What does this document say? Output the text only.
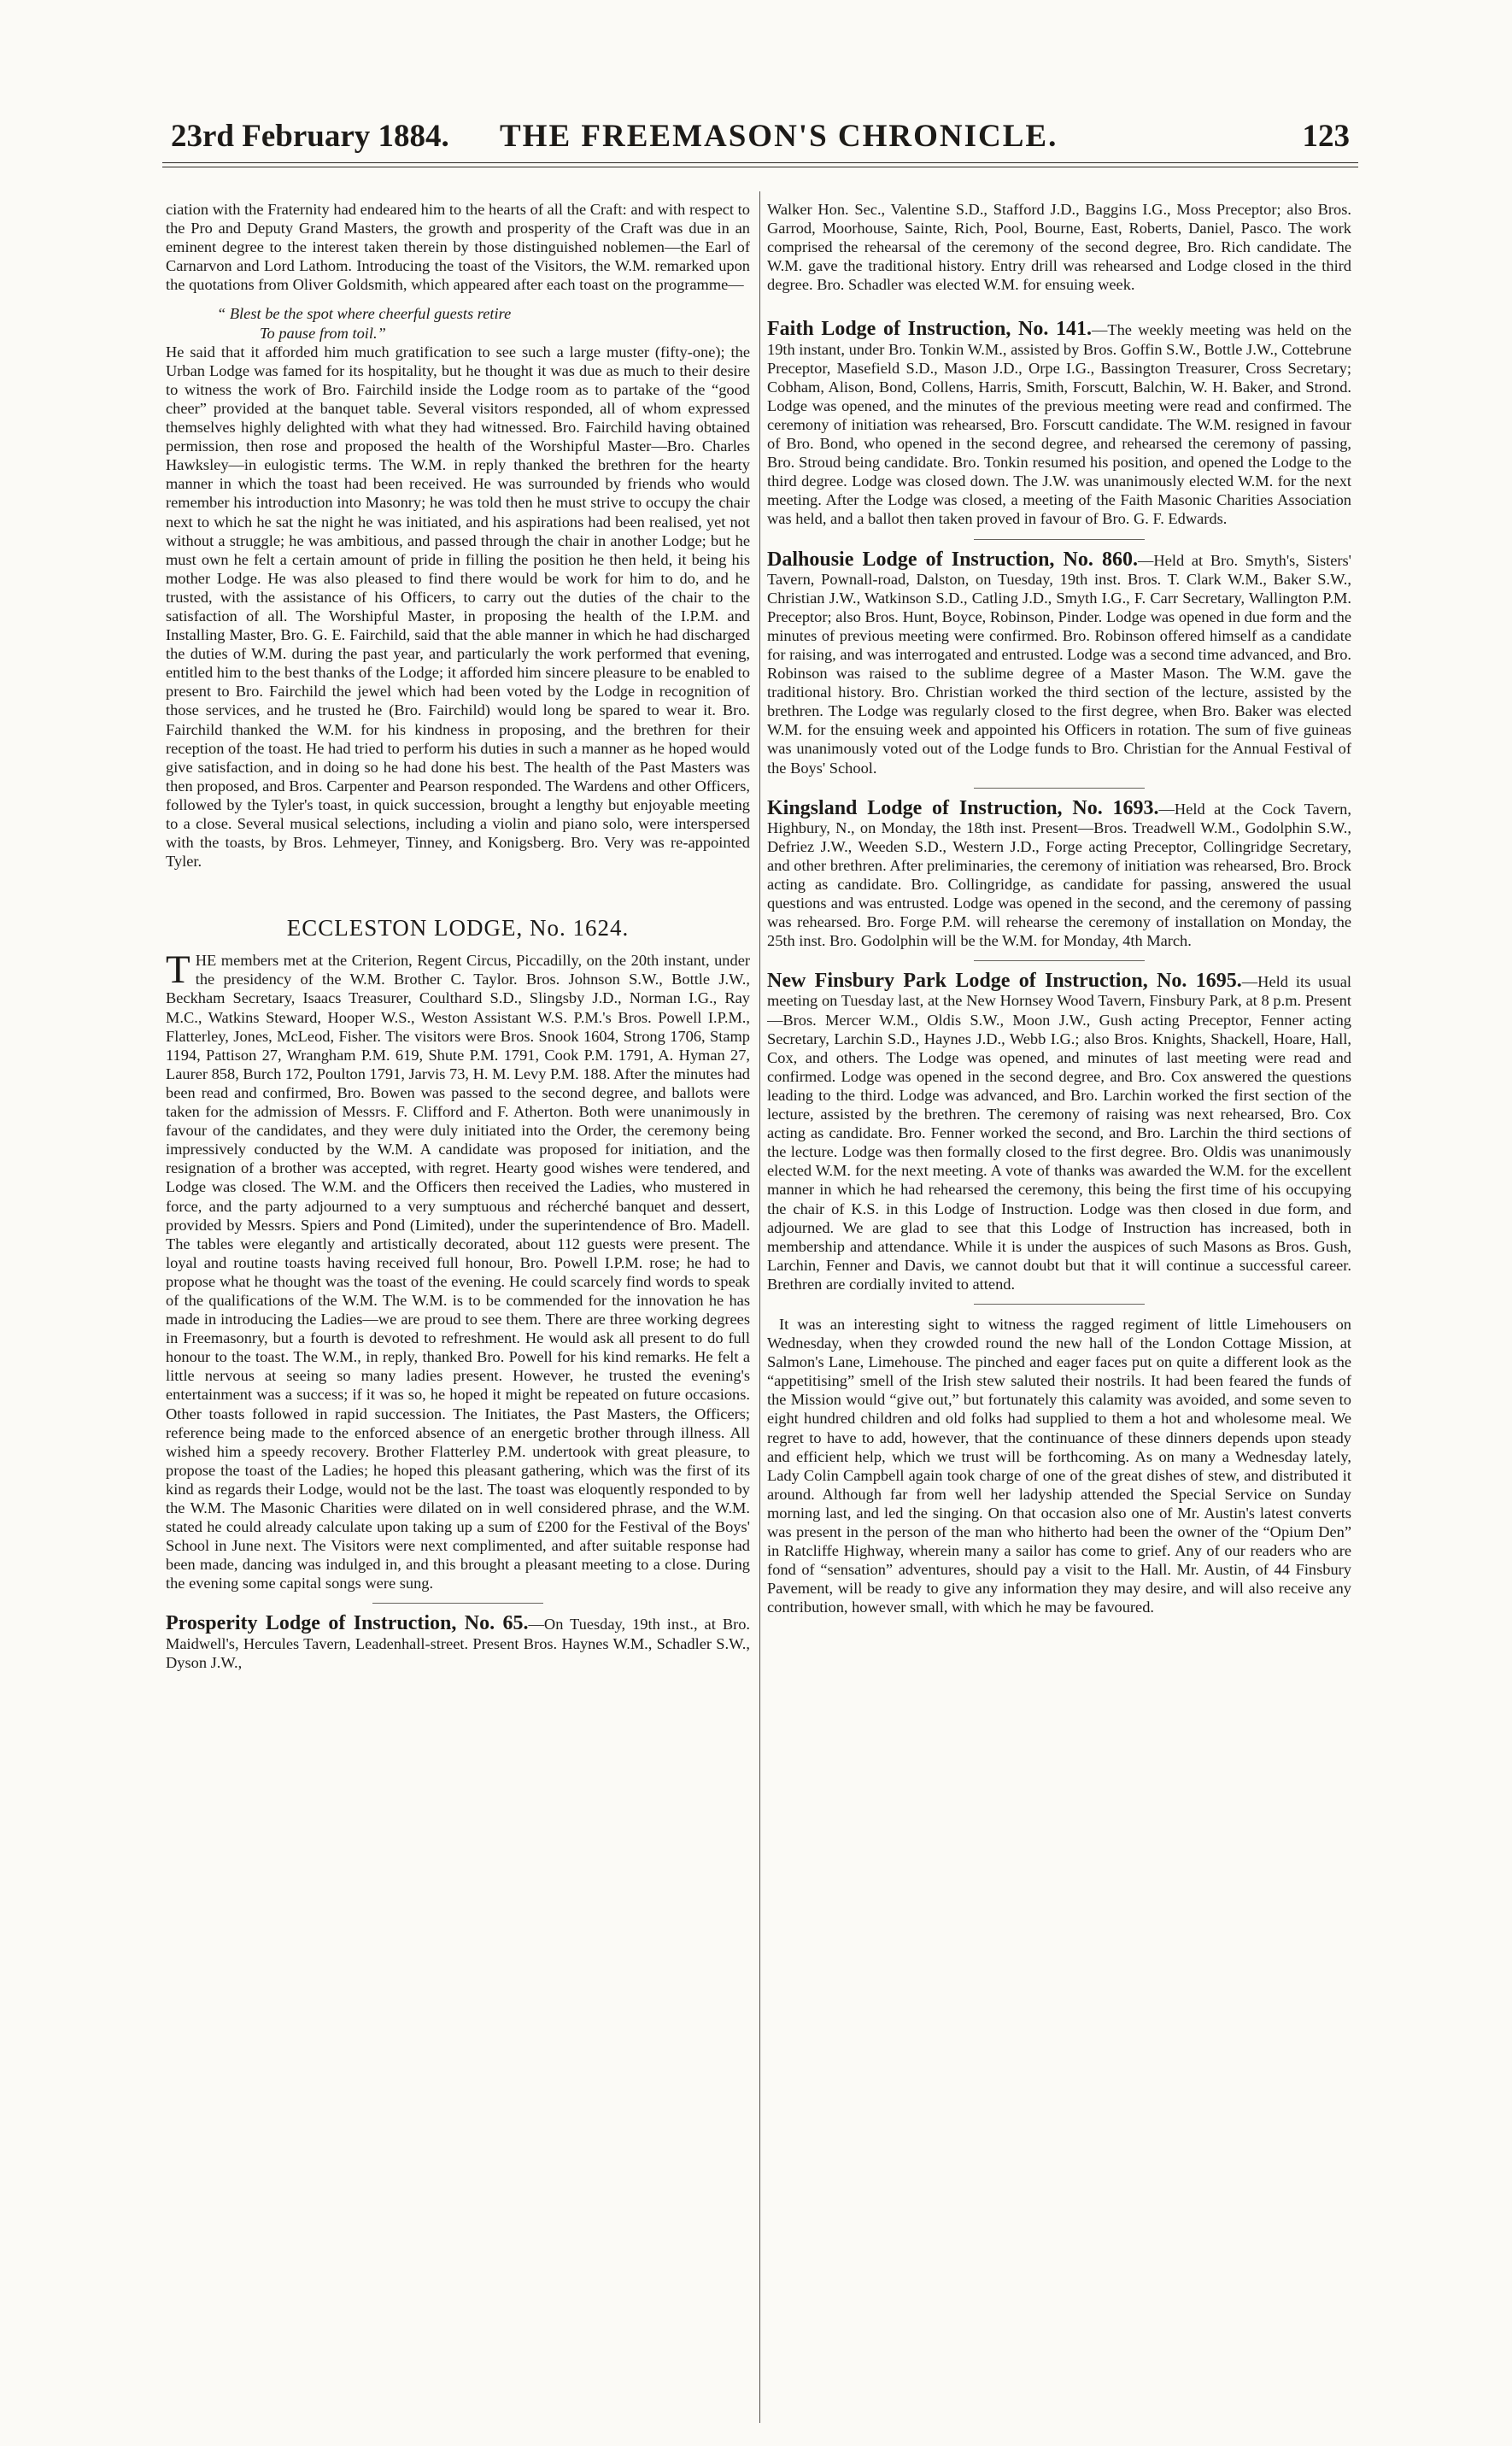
23rd February 1884. THE FREEMASON'S CHRONICLE.	123

ciation with the Fraternity had endeared him to the hearts of all the Craft: and with respect to the Pro and Deputy Grand Masters, the growth and prosperity of the Craft was due in an eminent degree to the interest taken therein by those distinguished noblemen—the Earl of Carnarvon and Lord Lathom. Introducing the toast of the Visitors, the W.M. remarked upon the quotations from Oliver Goldsmith, which appeared after each toast on the programme—

“ Blest be the spot where cheerful guests retire
To pause from toil.”

He said that it afforded him much gratification to see such a large muster (fifty-one); the Urban Lodge was famed for its hospitality, but he thought it was due as much to their desire to witness the work of Bro. Fairchild inside the Lodge room as to partake of the “good cheer” provided at the banquet table. Several visitors responded, all of whom expressed themselves highly delighted with what they had witnessed. Bro. Fairchild having obtained permission, then rose and proposed the health of the Worshipful Master—Bro. Charles Hawksley—in eulogistic terms. The W.M. in reply thanked the brethren for the hearty manner in which the toast had been received. He was surrounded by friends who would remember his introduction into Masonry; he was told then he must strive to occupy the chair next to which he sat the night he was initiated, and his aspirations had been realised, yet not without a struggle; he was ambitious, and passed through the chair in another Lodge; but he must own he felt a certain amount of pride in filling the position he then held, it being his mother Lodge. He was also pleased to find there would be work for him to do, and he trusted, with the assistance of his Officers, to carry out the duties of the chair to the satisfaction of all. The Worshipful Master, in proposing the health of the I.P.M. and Installing Master, Bro. G. E. Fairchild, said that the able manner in which he had discharged the duties of W.M. during the past year, and particularly the work performed that evening, entitled him to the best thanks of the Lodge; it afforded him sincere pleasure to be enabled to present to Bro. Fairchild the jewel which had been voted by the Lodge in recognition of those services, and he trusted he (Bro. Fairchild) would long be spared to wear it. Bro. Fairchild thanked the W.M. for his kindness in proposing, and the brethren for their reception of the toast. He had tried to perform his duties in such a manner as he hoped would give satisfaction, and in doing so he had done his best. The health of the Past Masters was then proposed, and Bros. Carpenter and Pearson responded. The Wardens and other Officers, followed by the Tyler's toast, in quick succession, brought a lengthy but enjoyable meeting to a close. Several musical selections, including a violin and piano solo, were interspersed with the toasts, by Bros. Lehmeyer, Tinney, and Konigsberg. Bro. Very was re-appointed Tyler.

ECCLESTON LODGE, No. 1624.

THE members met at the Criterion, Regent Circus, Piccadilly, on the 20th instant, under the presidency of the W.M. Brother C. Taylor. Bros. Johnson S.W., Bottle J.W., Beckham Secretary, Isaacs Treasurer, Coulthard S.D., Slingsby J.D., Norman I.G., Ray M.C., Watkins Steward, Hooper W.S., Weston Assistant W.S. P.M.'s Bros. Powell I.P.M., Flatterley, Jones, McLeod, Fisher. The visitors were Bros. Snook 1604, Strong 1706, Stamp 1194, Pattison 27, Wrangham P.M. 619, Shute P.M. 1791, Cook P.M. 1791, A. Hyman 27, Laurer 858, Burch 172, Poulton 1791, Jarvis 73, H. M. Levy P.M. 188. After the minutes had been read and confirmed, Bro. Bowen was passed to the second degree, and ballots were taken for the admission of Messrs. F. Clifford and F. Atherton. Both were unanimously in favour of the candidates, and they were duly initiated into the Order, the ceremony being impressively conducted by the W.M. A candidate was proposed for initiation, and the resignation of a brother was accepted, with regret. Hearty good wishes were tendered, and Lodge was closed. The W.M. and the Officers then received the Ladies, who mustered in force, and the party adjourned to a very sumptuous and récherché banquet and dessert, provided by Messrs. Spiers and Pond (Limited), under the superintendence of Bro. Madell. The tables were elegantly and artistically decorated, about 112 guests were present. The loyal and routine toasts having received full honour, Bro. Powell I.P.M. rose; he had to propose what he thought was the toast of the evening. He could scarcely find words to speak of the qualifications of the W.M. The W.M. is to be commended for the innovation he has made in introducing the Ladies—we are proud to see them. There are three working degrees in Freemasonry, but a fourth is devoted to refreshment. He would ask all present to do full honour to the toast. The W.M., in reply, thanked Bro. Powell for his kind remarks. He felt a little nervous at seeing so many ladies present. However, he trusted the evening's entertainment was a success; if it was so, he hoped it might be repeated on future occasions. Other toasts followed in rapid succession. The Initiates, the Past Masters, the Officers; reference being made to the enforced absence of an energetic brother through illness. All wished him a speedy recovery. Brother Flatterley P.M. undertook with great pleasure, to propose the toast of the Ladies; he hoped this pleasant gathering, which was the first of its kind as regards their Lodge, would not be the last. The toast was eloquently responded to by the W.M. The Masonic Charities were dilated on in well considered phrase, and the W.M. stated he could already calculate upon taking up a sum of £200 for the Festival of the Boys' School in June next. The Visitors were next complimented, and after suitable response had been made, dancing was indulged in, and this brought a pleasant meeting to a close. During the evening some capital songs were sung.

Prosperity Lodge of Instruction, No. 65.—On Tuesday, 19th inst., at Bro. Maidwell's, Hercules Tavern, Leadenhall-street. Present Bros. Haynes W.M., Schadler S.W., Dyson J.W.,

Walker Hon. Sec., Valentine S.D., Stafford J.D., Baggins I.G., Moss Preceptor; also Bros. Garrod, Moorhouse, Sainte, Rich, Pool, Bourne, East, Roberts, Daniel, Pasco. The work comprised the rehearsal of the ceremony of the second degree, Bro. Rich candidate. The W.M. gave the traditional history. Entry drill was rehearsed and Lodge closed in the third degree. Bro. Schadler was elected W.M. for ensuing week.

Faith Lodge of Instruction, No. 141.—The weekly meeting was held on the 19th instant, under Bro. Tonkin W.M., assisted by Bros. Goffin S.W., Bottle J.W., Cottebrune Preceptor, Masefield S.D., Mason J.D., Orpe I.G., Bassington Treasurer, Cross Secretary; Cobham, Alison, Bond, Collens, Harris, Smith, Forscutt, Balchin, W. H. Baker, and Strond. Lodge was opened, and the minutes of the previous meeting were read and confirmed. The ceremony of initiation was rehearsed, Bro. Forscutt candidate. The W.M. resigned in favour of Bro. Bond, who opened in the second degree, and rehearsed the ceremony of passing, Bro. Stroud being candidate. Bro. Tonkin resumed his position, and opened the Lodge to the third degree. Lodge was closed down. The J.W. was unanimously elected W.M. for the next meeting. After the Lodge was closed, a meeting of the Faith Masonic Charities Association was held, and a ballot then taken proved in favour of Bro. G. F. Edwards.

Dalhousie Lodge of Instruction, No. 860.—Held at Bro. Smyth's, Sisters' Tavern, Pownall-road, Dalston, on Tuesday, 19th inst. Bros. T. Clark W.M., Baker S.W., Christian J.W., Watkinson S.D., Catling J.D., Smyth I.G., F. Carr Secretary, Wallington P.M. Preceptor; also Bros. Hunt, Boyce, Robinson, Pinder. Lodge was opened in due form and the minutes of previous meeting were confirmed. Bro. Robinson offered himself as a candidate for raising, and was interrogated and entrusted. Lodge was a second time advanced, and Bro. Robinson was raised to the sublime degree of a Master Mason. The W.M. gave the traditional history. Bro. Christian worked the third section of the lecture, assisted by the brethren. The Lodge was regularly closed to the first degree, when Bro. Baker was elected W.M. for the ensuing week and appointed his Officers in rotation. The sum of five guineas was unanimously voted out of the Lodge funds to Bro. Christian for the Annual Festival of the Boys' School.

Kingsland Lodge of Instruction, No. 1693.—Held at the Cock Tavern, Highbury, N., on Monday, the 18th inst. Present—Bros. Treadwell W.M., Godolphin S.W., Defriez J.W., Weeden S.D., Western J.D., Forge acting Preceptor, Collingridge Secretary, and other brethren. After preliminaries, the ceremony of initiation was rehearsed, Bro. Brock acting as candidate. Bro. Collingridge, as candidate for passing, answered the usual questions and was entrusted. Lodge was opened in the second, and the ceremony of passing was rehearsed. Bro. Forge P.M. will rehearse the ceremony of installation on Monday, the 25th inst. Bro. Godolphin will be the W.M. for Monday, 4th March.

New Finsbury Park Lodge of Instruction, No. 1695.—Held its usual meeting on Tuesday last, at the New Hornsey Wood Tavern, Finsbury Park, at 8 p.m. Present—Bros. Mercer W.M., Oldis S.W., Moon J.W., Gush acting Preceptor, Fenner acting Secretary, Larchin S.D., Haynes J.D., Webb I.G.; also Bros. Knights, Shackell, Hoare, Hall, Cox, and others. The Lodge was opened, and minutes of last meeting were read and confirmed. Lodge was opened in the second degree, and Bro. Cox answered the questions leading to the third. Lodge was advanced, and Bro. Larchin worked the first section of the lecture, assisted by the brethren. The ceremony of raising was next rehearsed, Bro. Cox acting as candidate. Bro. Fenner worked the second, and Bro. Larchin the third sections of the lecture. Lodge was then formally closed to the first degree. Bro. Oldis was unanimously elected W.M. for the next meeting. A vote of thanks was awarded the W.M. for the excellent manner in which he had rehearsed the ceremony, this being the first time of his occupying the chair of K.S. in this Lodge of Instruction. Lodge was then closed in due form, and adjourned. We are glad to see that this Lodge of Instruction has increased, both in membership and attendance. While it is under the auspices of such Masons as Bros. Gush, Larchin, Fenner and Davis, we cannot doubt but that it will continue a successful career. Brethren are cordially invited to attend.

It was an interesting sight to witness the ragged regiment of little Limehousers on Wednesday, when they crowded round the new hall of the London Cottage Mission, at Salmon's Lane, Limehouse. The pinched and eager faces put on quite a different look as the “appetitising” smell of the Irish stew saluted their nostrils. It had been feared the funds of the Mission would “give out,” but fortunately this calamity was avoided, and some seven to eight hundred children and old folks had supplied to them a hot and wholesome meal. We regret to have to add, however, that the continuance of these dinners depends upon steady and efficient help, which we trust will be forthcoming. As on many a Wednesday lately, Lady Colin Campbell again took charge of one of the great dishes of stew, and distributed it around. Although far from well her ladyship attended the Special Service on Sunday morning last, and led the singing. On that occasion also one of Mr. Austin's latest converts was present in the person of the man who hitherto had been the owner of the “Opium Den” in Ratcliffe Highway, wherein many a sailor has come to grief. Any of our readers who are fond of “sensation” adventures, should pay a visit to the Hall. Mr. Austin, of 44 Finsbury Pavement, will be ready to give any information they may desire, and will also receive any contribution, however small, with which he may be favoured.
